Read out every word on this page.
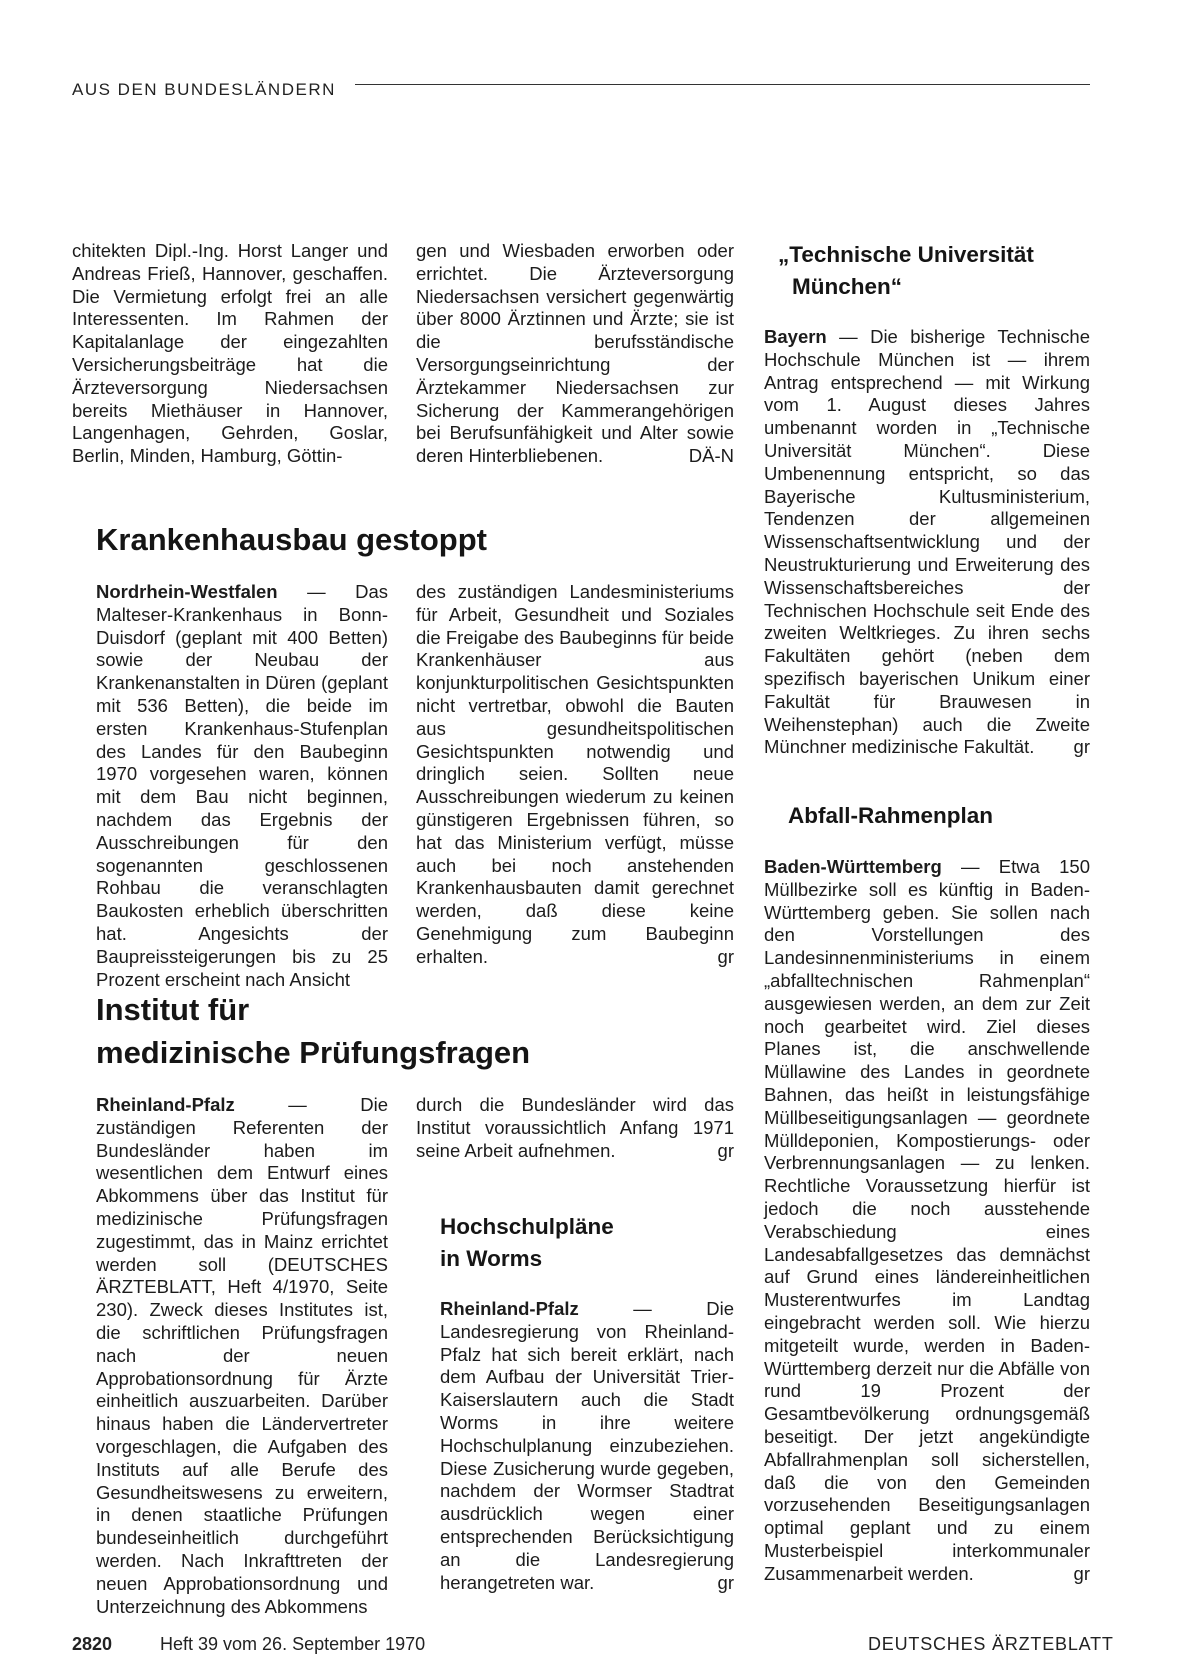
AUS DEN BUNDESLÄNDERN

chitekten Dipl.-Ing. Horst Langer und Andreas Frieß, Hannover, geschaffen. Die Vermietung erfolgt frei an alle Interessenten. Im Rahmen der Kapitalanlage der eingezahlten Versicherungsbeiträge hat die Ärzteversorgung Niedersachsen bereits Miethäuser in Hannover, Langenhagen, Gehrden, Goslar, Berlin, Minden, Hamburg, Göttin-

gen und Wiesbaden erworben oder errichtet. Die Ärzteversorgung Niedersachsen versichert gegenwärtig über 8000 Ärztinnen und Ärzte; sie ist die berufsständische Versorgungseinrichtung der Ärztekammer Niedersachsen zur Sicherung der Kammerangehörigen bei Berufsunfähigkeit und Alter sowie deren Hinterbliebenen.	DÄ-N

Krankenhausbau gestoppt

Nordrhein-Westfalen — Das Malteser-Krankenhaus in Bonn-Duisdorf (geplant mit 400 Betten) sowie der Neubau der Krankenanstalten in Düren (geplant mit 536 Betten), die beide im ersten Krankenhaus-Stufenplan des Landes für den Baubeginn 1970 vorgesehen waren, können mit dem Bau nicht beginnen, nachdem das Ergebnis der Ausschreibungen für den sogenannten geschlossenen Rohbau die veranschlagten Baukosten erheblich überschritten hat. Angesichts der Baupreissteigerungen bis zu 25 Prozent erscheint nach Ansicht

des zuständigen Landesministeriums für Arbeit, Gesundheit und Soziales die Freigabe des Baubeginns für beide Krankenhäuser aus konjunkturpolitischen Gesichtspunkten nicht vertretbar, obwohl die Bauten aus gesundheitspolitischen Gesichtspunkten notwendig und dringlich seien. Sollten neue Ausschreibungen wiederum zu keinen günstigeren Ergebnissen führen, so hat das Ministerium verfügt, müsse auch bei noch anstehenden Krankenhausbauten damit gerechnet werden, daß diese keine Genehmigung zum Baubeginn erhalten.	gr

Institut für
medizinische Prüfungsfragen

Rheinland-Pfalz — Die zuständigen Referenten der Bundesländer haben im wesentlichen dem Entwurf eines Abkommens über das Institut für medizinische Prüfungsfragen zugestimmt, das in Mainz errichtet werden soll (DEUTSCHES ÄRZTEBLATT, Heft 4/1970, Seite 230). Zweck dieses Institutes ist, die schriftlichen Prüfungsfragen nach der neuen Approbationsordnung für Ärzte einheitlich auszuarbeiten. Darüber hinaus haben die Ländervertreter vorgeschlagen, die Aufgaben des Instituts auf alle Berufe des Gesundheitswesens zu erweitern, in denen staatliche Prüfungen bundeseinheitlich durchgeführt werden. Nach Inkrafttreten der neuen Approbationsordnung und Unterzeichnung des Abkommens

durch die Bundesländer wird das Institut voraussichtlich Anfang 1971 seine Arbeit aufnehmen.	gr

Hochschulpläne
in Worms

Rheinland-Pfalz — Die Landesregierung von Rheinland-Pfalz hat sich bereit erklärt, nach dem Aufbau der Universität Trier-Kaiserslautern auch die Stadt Worms in ihre weitere Hochschulplanung einzubeziehen. Diese Zusicherung wurde gegeben, nachdem der Wormser Stadtrat ausdrücklich wegen einer entsprechenden Berücksichtigung an die Landesregierung herangetreten war.	gr

„Technische Universität
München“

Bayern — Die bisherige Technische Hochschule München ist — ihrem Antrag entsprechend — mit Wirkung vom 1. August dieses Jahres umbenannt worden in „Technische Universität München“. Diese Umbenennung entspricht, so das Bayerische Kultusministerium, Tendenzen der allgemeinen Wissenschaftsentwicklung und der Neustrukturierung und Erweiterung des Wissenschaftsbereiches der Technischen Hochschule seit Ende des zweiten Weltkrieges. Zu ihren sechs Fakultäten gehört (neben dem spezifisch bayerischen Unikum einer Fakultät für Brauwesen in Weihenstephan) auch die Zweite Münchner medizinische Fakultät. gr

Abfall-Rahmenplan

Baden-Württemberg — Etwa 150 Müllbezirke soll es künftig in Baden-Württemberg geben. Sie sollen nach den Vorstellungen des Landesinnenministeriums in einem „abfalltechnischen Rahmenplan“ ausgewiesen werden, an dem zur Zeit noch gearbeitet wird. Ziel dieses Planes ist, die anschwellende Müllawine des Landes in geordnete Bahnen, das heißt in leistungsfähige Müllbeseitigungsanlagen — geordnete Mülldeponien, Kompostierungs- oder Verbrennungsanlagen — zu lenken. Rechtliche Voraussetzung hierfür ist jedoch die noch ausstehende Verabschiedung eines Landesabfallgesetzes das demnächst auf Grund eines ländereinheitlichen Musterentwurfes im Landtag eingebracht werden soll. Wie hierzu mitgeteilt wurde, werden in Baden-Württemberg derzeit nur die Abfälle von rund 19 Prozent der Gesamtbevölkerung ordnungsgemäß beseitigt. Der jetzt angekündigte Abfallrahmenplan soll sicherstellen, daß die von den Gemeinden vorzusehenden Beseitigungsanlagen optimal geplant und zu einem Musterbeispiel interkommunaler Zusammenarbeit werden.	gr

2820	Heft 39 vom 26. September 1970	DEUTSCHES ÄRZTEBLATT
